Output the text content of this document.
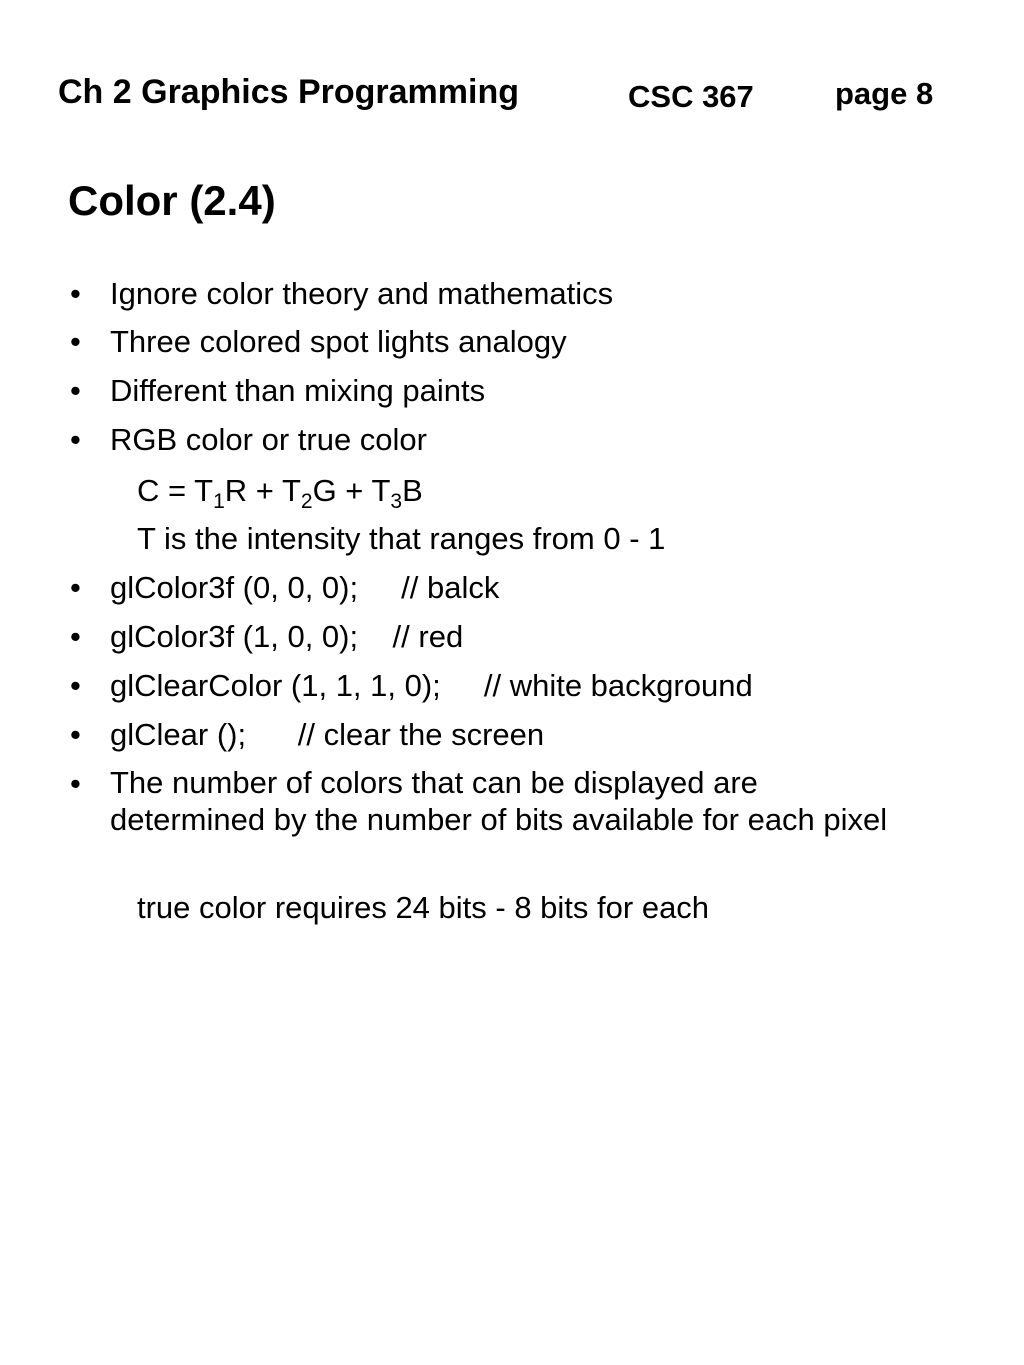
Ch 2 Graphics Programming	CSC 367	page 8
Color (2.4)
• Ignore color theory and mathematics
• Three colored spot lights analogy
• Different than mixing paints
• RGB color or true color
$C = T_1R + T_2G + T_3B$
T is the intensity that ranges from 0 - 1
• glColor3f (0, 0, 0);     // balck
• glColor3f (1, 0, 0);    // red
• glClearColor (1, 1, 1, 0);     // white background
• glClear ();      // clear the screen
• The number of colors that can be displayed are determined by the number of bits available for each pixel
true color requires 24 bits - 8 bits for each
